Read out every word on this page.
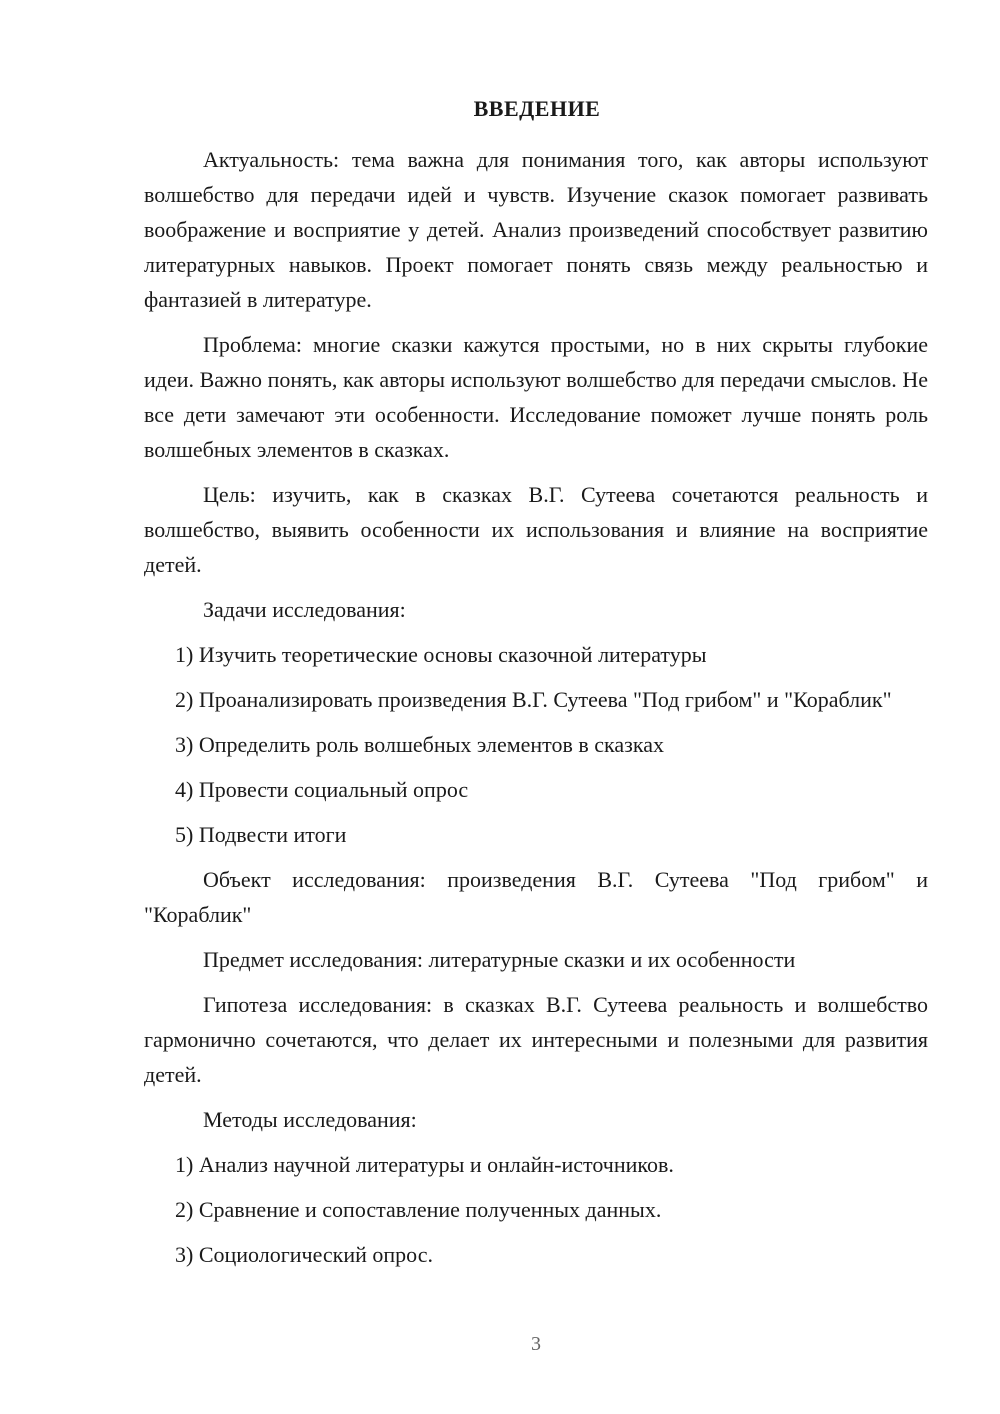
ВВЕДЕНИЕ

Актуальность: тема важна для понимания того, как авторы используют волшебство для передачи идей и чувств. Изучение сказок помогает развивать воображение и восприятие у детей. Анализ произведений способствует развитию литературных навыков. Проект помогает понять связь между реальностью и фантазией в литературе.

Проблема: многие сказки кажутся простыми, но в них скрыты глубокие идеи. Важно понять, как авторы используют волшебство для передачи смыслов. Не все дети замечают эти особенности. Исследование поможет лучше понять роль волшебных элементов в сказках.

Цель: изучить, как в сказках В.Г. Сутеева сочетаются реальность и волшебство, выявить особенности их использования и влияние на восприятие детей.

Задачи исследования:

1) Изучить теоретические основы сказочной литературы

2) Проанализировать произведения В.Г. Сутеева "Под грибом" и "Кораблик"

3) Определить роль волшебных элементов в сказках

4) Провести социальный опрос

5) Подвести итоги

Объект исследования: произведения В.Г. Сутеева "Под грибом" и "Кораблик"

Предмет исследования: литературные сказки и их особенности

Гипотеза исследования: в сказках В.Г. Сутеева реальность и волшебство гармонично сочетаются, что делает их интересными и полезными для развития детей.

Методы исследования:

1) Анализ научной литературы и онлайн-источников.

2) Сравнение и сопоставление полученных данных.

3) Социологический опрос.

3
